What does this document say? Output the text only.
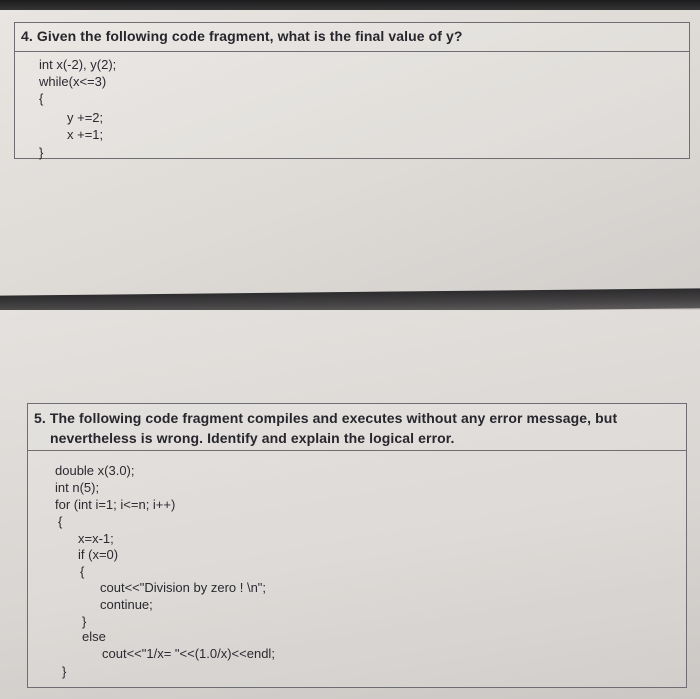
4. Given the following code fragment, what is the final value of y?
int x(-2), y(2);
while(x<=3)
{
y +=2;
x +=1;
}
5. The following code fragment compiles and executes without any error message, but
nevertheless is wrong. Identify and explain the logical error.
double x(3.0);
int n(5);
for (int i=1; i<=n; i++)
{
x=x-1;
if (x=0)
{
cout<<"Division by zero ! \n";
continue;
}
else
cout<<"1/x= "<<(1.0/x)<<endl;
}
